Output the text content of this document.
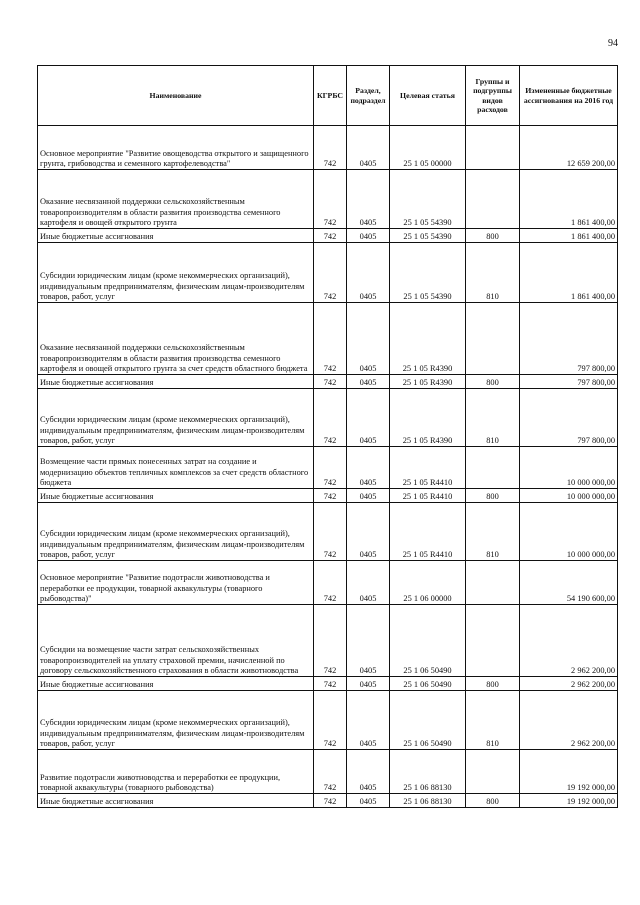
94
Наименование	КГРБС	Раздел, подраздел	Целевая статья	Группы и подгруппы видов расходов	Измененные бюджетные ассигнования на 2016 год
Основное мероприятие "Развитие овощеводства открытого и защищенного грунта, грибоводства и семенного картофелеводства"	742	0405	25 1 05 00000		12 659 200,00
Оказание несвязанной поддержки сельскохозяйственным товаропроизводителям в области развития производства семенного картофеля и овощей открытого грунта	742	0405	25 1 05 54390		1 861 400,00
Иные бюджетные ассигнования	742	0405	25 1 05 54390	800	1 861 400,00
Субсидии юридическим лицам (кроме некоммерческих организаций), индивидуальным предпринимателям, физическим лицам-производителям товаров, работ, услуг	742	0405	25 1 05 54390	810	1 861 400,00
Оказание несвязанной поддержки сельскохозяйственным товаропроизводителям в области развития производства семенного картофеля и овощей открытого грунта за счет средств областного бюджета	742	0405	25 1 05 R4390		797 800,00
Иные бюджетные ассигнования	742	0405	25 1 05 R4390	800	797 800,00
Субсидии юридическим лицам (кроме некоммерческих организаций), индивидуальным предпринимателям, физическим лицам-производителям товаров, работ, услуг	742	0405	25 1 05 R4390	810	797 800,00
Возмещение части прямых понесенных затрат на создание и модернизацию объектов тепличных комплексов за счет средств областного бюджета	742	0405	25 1 05 R4410		10 000 000,00
Иные бюджетные ассигнования	742	0405	25 1 05 R4410	800	10 000 000,00
Субсидии юридическим лицам (кроме некоммерческих организаций), индивидуальным предпринимателям, физическим лицам-производителям товаров, работ, услуг	742	0405	25 1 05 R4410	810	10 000 000,00
Основное мероприятие "Развитие подотрасли животноводства и переработки ее продукции, товарной аквакультуры (товарного рыбоводства)"	742	0405	25 1 06 00000		54 190 600,00
Субсидии на возмещение части затрат сельскохозяйственных товаропроизводителей на уплату страховой премии, начисленной по договору сельскохозяйственного страхования в области животноводства	742	0405	25 1 06 50490		2 962 200,00
Иные бюджетные ассигнования	742	0405	25 1 06 50490	800	2 962 200,00
Субсидии юридическим лицам (кроме некоммерческих организаций), индивидуальным предпринимателям, физическим лицам-производителям товаров, работ, услуг	742	0405	25 1 06 50490	810	2 962 200,00
Развитие подотрасли животноводства и переработки ее продукции, товарной аквакультуры (товарного рыбоводства)	742	0405	25 1 06 88130		19 192 000,00
Иные бюджетные ассигнования	742	0405	25 1 06 88130	800	19 192 000,00
